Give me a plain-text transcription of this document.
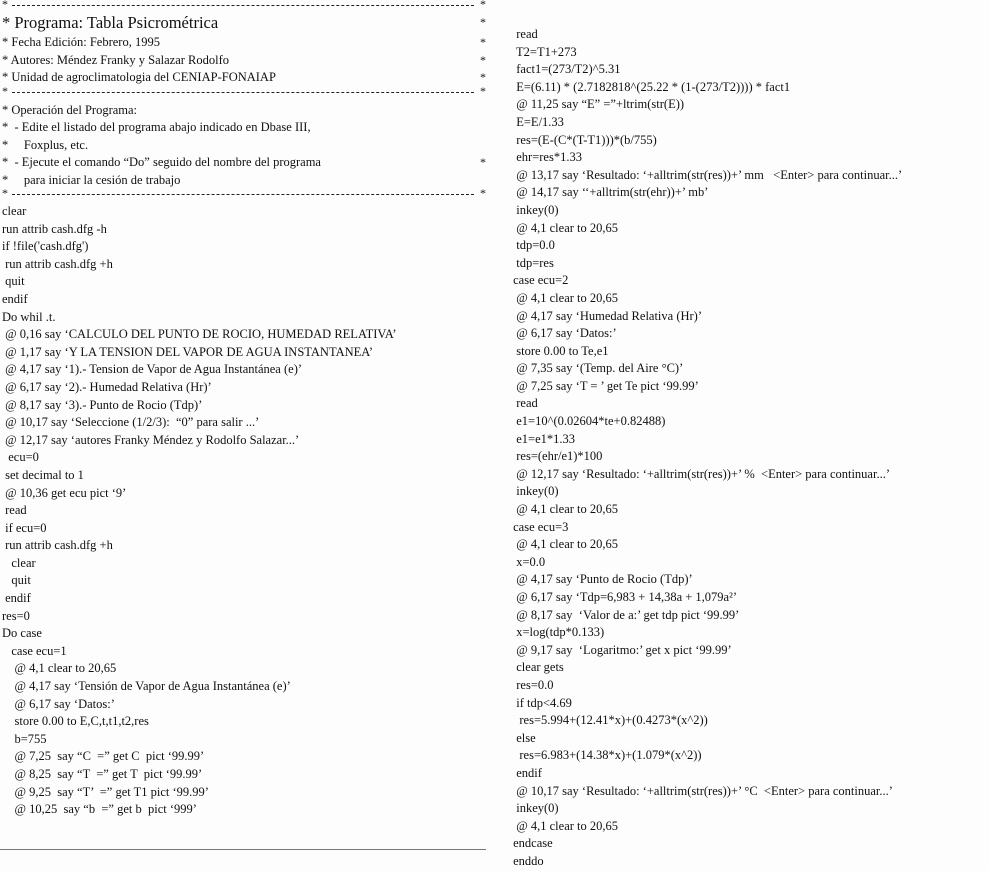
*	*
* Programa: Tabla Psicrométrica	*
* Fecha Edición: Febrero, 1995	*
* Autores: Méndez Franky y Salazar Rodolfo	*
* Unidad de agroclimatologia del CENIAP-FONAIAP	*
*	*
* Operación del Programa:
*  - Edite el listado del programa abajo indicado en Dbase III,
*     Foxplus, etc.
*  - Ejecute el comando “Do” seguido del nombre del programa	*
*     para iniciar la cesión de trabajo
*	*
clear
run attrib cash.dfg -h
if !file('cash.dfg')
run attrib cash.dfg +h
quit
endif
Do whil .t.
@ 0,16 say ‘CALCULO DEL PUNTO DE ROCIO, HUMEDAD RELATIVA’
@ 1,17 say ‘Y LA TENSION DEL VAPOR DE AGUA INSTANTANEA’
@ 4,17 say ‘1).- Tension de Vapor de Agua Instantánea (e)’
@ 6,17 say ‘2).- Humedad Relativa (Hr)’
@ 8,17 say ‘3).- Punto de Rocio (Tdp)’
@ 10,17 say ‘Seleccione (1/2/3):  “0” para salir ...’
@ 12,17 say ‘autores Franky Méndez y Rodolfo Salazar...’
ecu=0
set decimal to 1
@ 10,36 get ecu pict ‘9’
read
if ecu=0
run attrib cash.dfg +h
clear
quit
endif
res=0
Do case
case ecu=1
@ 4,1 clear to 20,65
@ 4,17 say ‘Tensión de Vapor de Agua Instantánea (e)’
@ 6,17 say ‘Datos:’
store 0.00 to E,C,t,t1,t2,res
b=755
@ 7,25  say “C  =” get C  pict ‘99.99’
@ 8,25  say “T  =” get T  pict ‘99.99’
@ 9,25  say “T’  =” get T1 pict ‘99.99’
@ 10,25  say “b  =” get b  pict ‘999’
read
T2=T1+273
fact1=(273/T2)^5.31
E=(6.11) * (2.7182818^(25.22 * (1-(273/T2)))) * fact1
@ 11,25 say “E” =”+ltrim(str(E))
E=E/1.33
res=(E-(C*(T-T1)))*(b/755)
ehr=res*1.33
@ 13,17 say ‘Resultado: ‘+alltrim(str(res))+’ mm   <Enter> para continuar...’
@ 14,17 say ‘‘+alltrim(str(ehr))+’ mb’
inkey(0)
@ 4,1 clear to 20,65
tdp=0.0
tdp=res
case ecu=2
@ 4,1 clear to 20,65
@ 4,17 say ‘Humedad Relativa (Hr)’
@ 6,17 say ‘Datos:’
store 0.00 to Te,e1
@ 7,35 say ‘(Temp. del Aire °C)’
@ 7,25 say ‘T = ’ get Te pict ‘99.99’
read
e1=10^(0.02604*te+0.82488)
e1=e1*1.33
res=(ehr/e1)*100
@ 12,17 say ‘Resultado: ‘+alltrim(str(res))+’ %  <Enter> para continuar...’
inkey(0)
@ 4,1 clear to 20,65
case ecu=3
@ 4,1 clear to 20,65
x=0.0
@ 4,17 say ‘Punto de Rocio (Tdp)’
@ 6,17 say ‘Tdp=6,983 + 14,38a + 1,079a²’
@ 8,17 say  ‘Valor de a:’ get tdp pict ‘99.99’
x=log(tdp*0.133)
@ 9,17 say  ‘Logaritmo:’ get x pict ‘99.99’
clear gets
res=0.0
if tdp<4.69
res=5.994+(12.41*x)+(0.4273*(x^2))
else
res=6.983+(14.38*x)+(1.079*(x^2))
endif
@ 10,17 say ‘Resultado: ‘+alltrim(str(res))+’ °C  <Enter> para continuar...’
inkey(0)
@ 4,1 clear to 20,65
endcase
enddo
